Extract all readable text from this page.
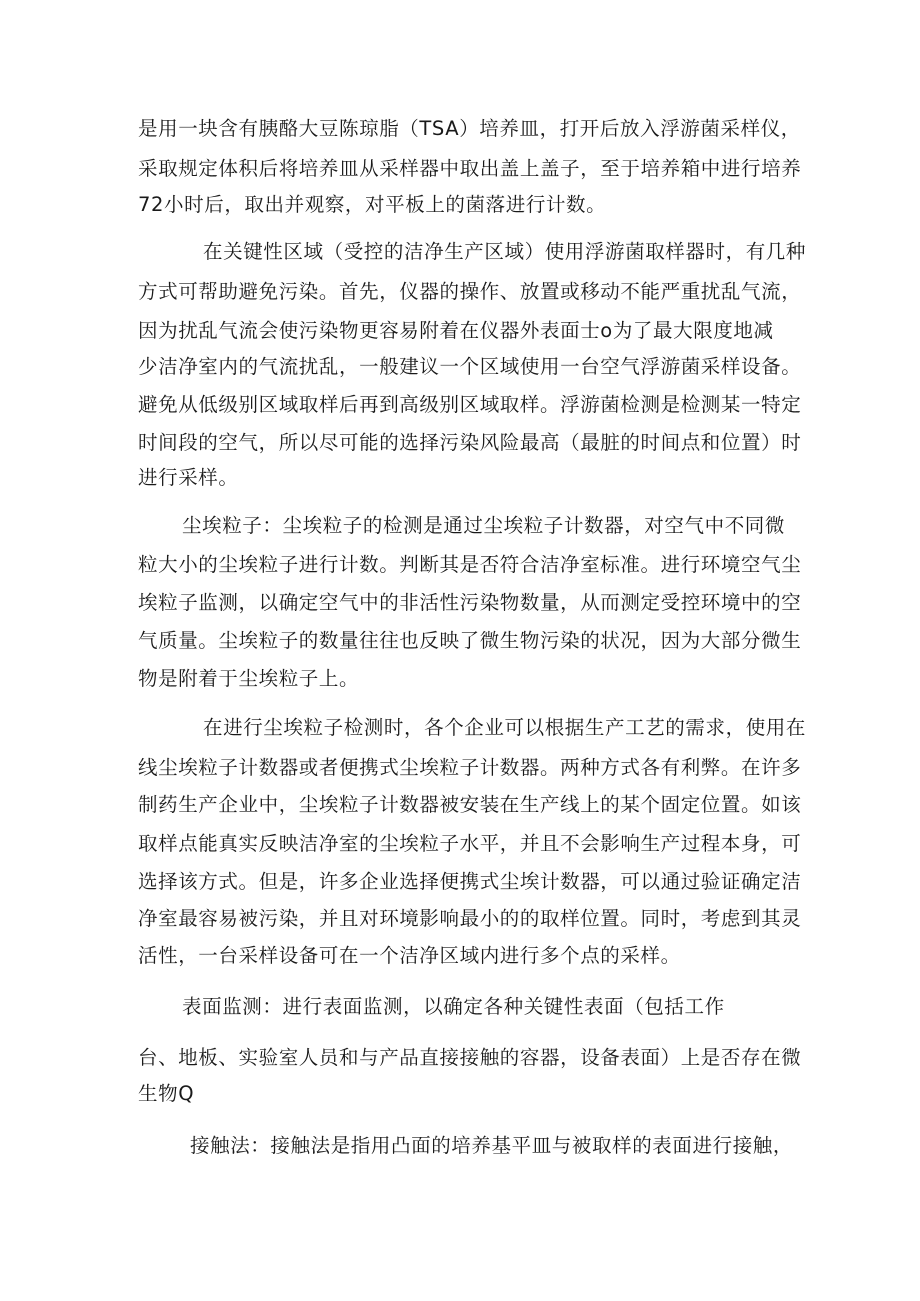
是用一块含有胰酪大豆陈琼脂（TSA）培养皿，打开后放入浮游菌采样仪，
采取规定体积后将培养皿从采样器中取出盖上盖子，至于培养箱中进行培养
72小时后，取出并观察，对平板上的菌落进行计数。
在关键性区域（受控的洁净生产区域）使用浮游菌取样器时，有几种
方式可帮助避免污染。首先，仪器的操作、放置或移动不能严重扰乱气流，
因为扰乱气流会使污染物更容易附着在仪器外表面士o为了最大限度地减
少洁净室内的气流扰乱，一般建议一个区域使用一台空气浮游菌采样设备。
避免从低级别区域取样后再到高级别区域取样。浮游菌检测是检测某一特定
时间段的空气，所以尽可能的选择污染风险最高（最脏的时间点和位置）时
进行采样。
尘埃粒子：尘埃粒子的检测是通过尘埃粒子计数器，对空气中不同微
粒大小的尘埃粒子进行计数。判断其是否符合洁净室标准。进行环境空气尘
埃粒子监测，以确定空气中的非活性污染物数量，从而测定受控环境中的空
气质量。尘埃粒子的数量往往也反映了微生物污染的状况，因为大部分微生
物是附着于尘埃粒子上。
在进行尘埃粒子检测时，各个企业可以根据生产工艺的需求，使用在
线尘埃粒子计数器或者便携式尘埃粒子计数器。两种方式各有利弊。在许多
制药生产企业中，尘埃粒子计数器被安装在生产线上的某个固定位置。如该
取样点能真实反映洁净室的尘埃粒子水平，并且不会影响生产过程本身，可
选择该方式。但是，许多企业选择便携式尘埃计数器，可以通过验证确定洁
净室最容易被污染，并且对环境影响最小的的取样位置。同时，考虑到其灵
活性，一台采样设备可在一个洁净区域内进行多个点的采样。
表面监测：进行表面监测，以确定各种关键性表面（包括工作
台、地板、实验室人员和与产品直接接触的容器，设备表面）上是否存在微
生物Q
接触法：接触法是指用凸面的培养基平皿与被取样的表面进行接触，
